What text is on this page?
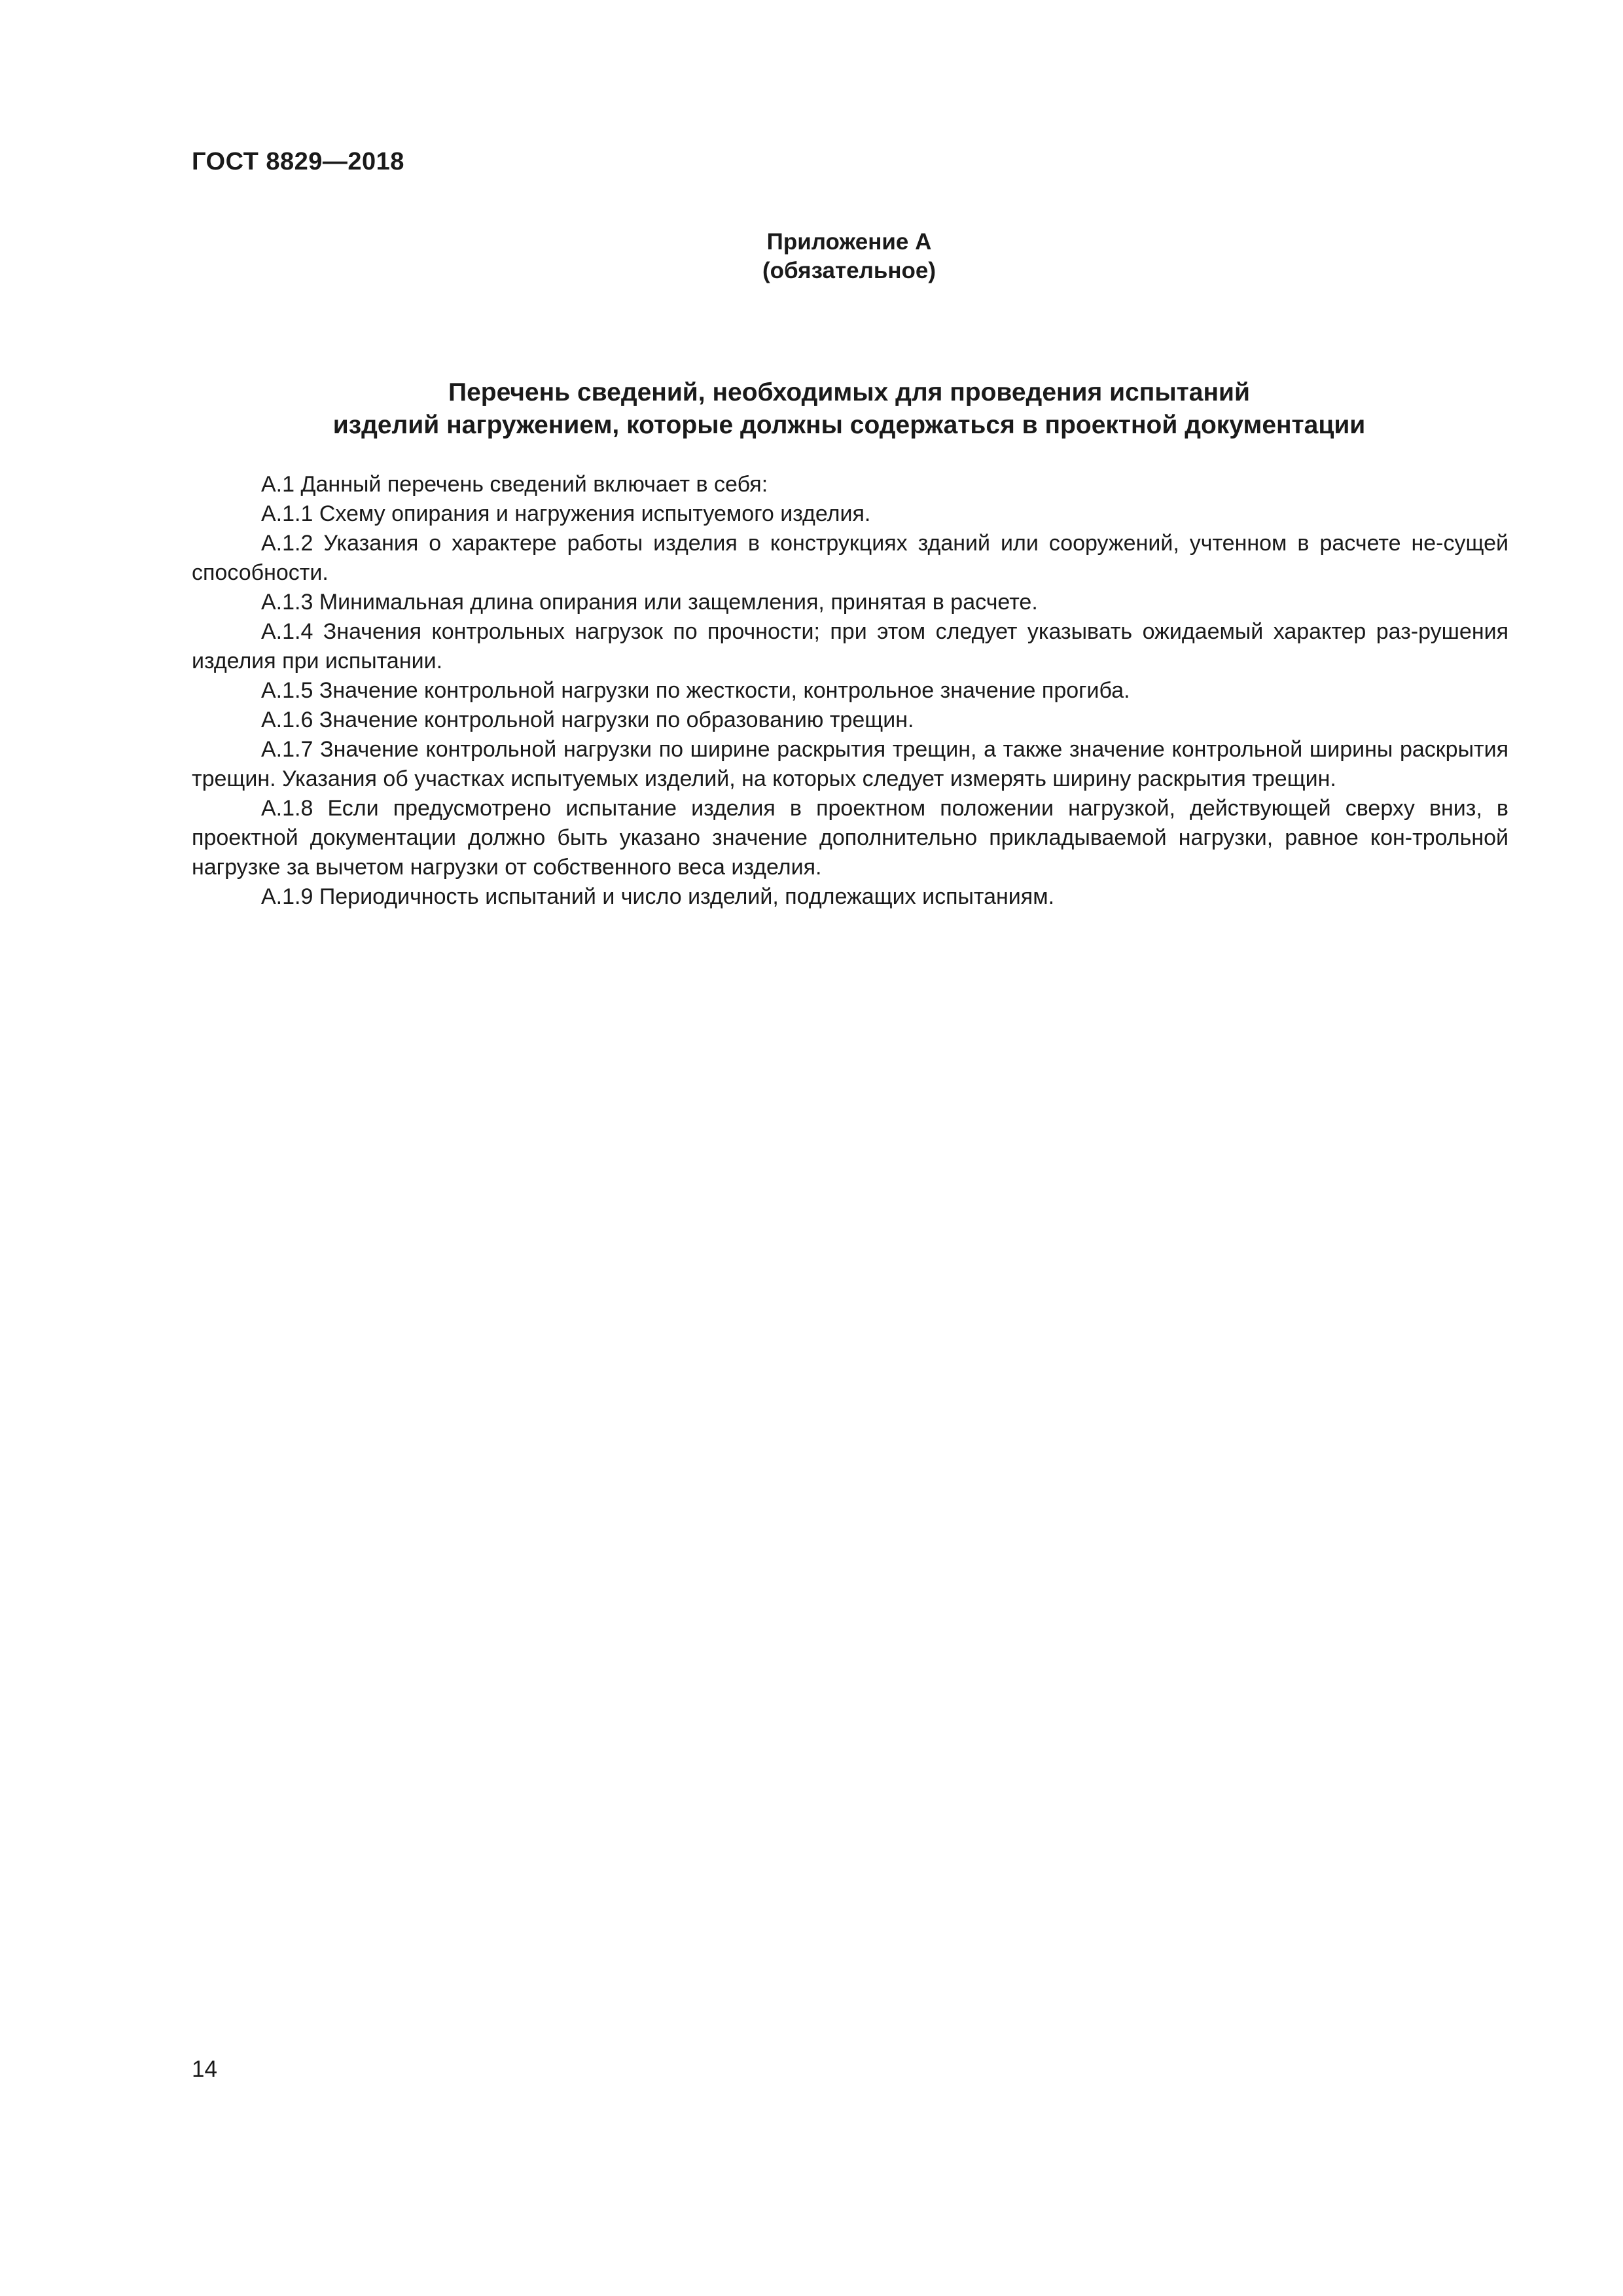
ГОСТ 8829—2018
Приложение А
(обязательное)
Перечень сведений, необходимых для проведения испытаний
изделий нагружением, которые должны содержаться в проектной документации

А.1 Данный перечень сведений включает в себя:

А.1.1 Схему опирания и нагружения испытуемого изделия.

А.1.2 Указания о характере работы изделия в конструкциях зданий или сооружений, учтенном в расчете не-сущей способности.

А.1.3 Минимальная длина опирания или защемления, принятая в расчете.

А.1.4 Значения контрольных нагрузок по прочности; при этом следует указывать ожидаемый характер раз-рушения изделия при испытании.

А.1.5 Значение контрольной нагрузки по жесткости, контрольное значение прогиба.

А.1.6 Значение контрольной нагрузки по образованию трещин.

А.1.7 Значение контрольной нагрузки по ширине раскрытия трещин, а также значение контрольной ширины раскрытия трещин. Указания об участках испытуемых изделий, на которых следует измерять ширину раскрытия трещин.

А.1.8 Если предусмотрено испытание изделия в проектном положении нагрузкой, действующей сверху вниз, в проектной документации должно быть указано значение дополнительно прикладываемой нагрузки, равное кон-трольной нагрузке за вычетом нагрузки от собственного веса изделия.

А.1.9 Периодичность испытаний и число изделий, подлежащих испытаниям.

14
